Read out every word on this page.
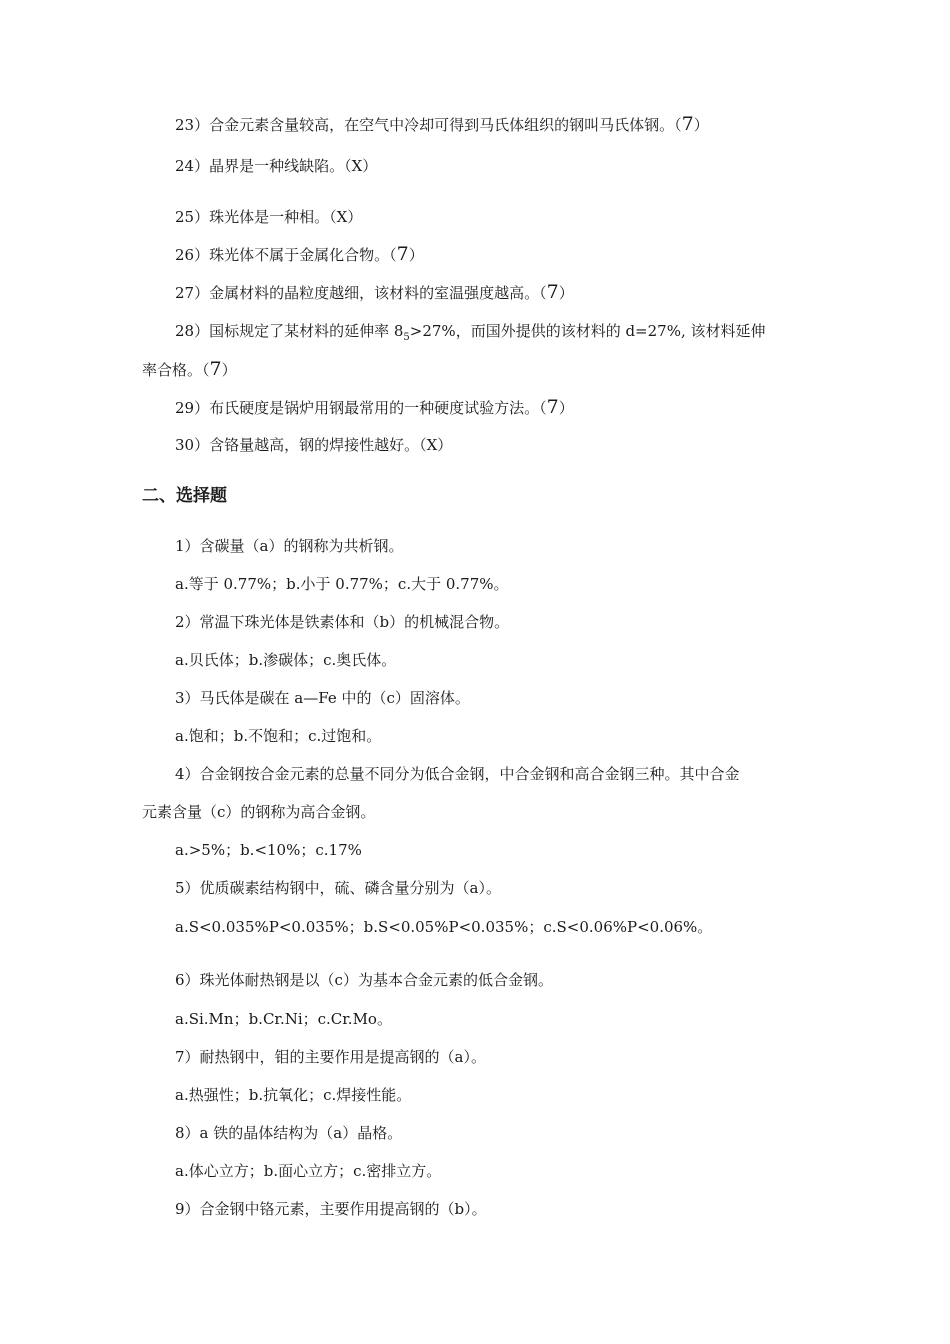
23）合金元素含量较高，在空气中冷却可得到马氏体组织的钢叫马氏体钢。（7）
24）晶界是一种线缺陷。（X）
25）珠光体是一种相。（X）
26）珠光体不属于金属化合物。（7）
27）金属材料的晶粒度越细，该材料的室温强度越高。（7）
28）国标规定了某材料的延伸率 $8_5>27\%$，而国外提供的该材料的 d=27%, 该材料延伸
率合格。（7）
29）布氏硬度是锅炉用钢最常用的一种硬度试验方法。（7）
30）含铬量越高，钢的焊接性越好。（X）
二、选择题
1）含碳量（a）的钢称为共析钢。
a.等于 0.77%；b.小于 0.77%；c.大于 0.77%。
2）常温下珠光体是铁素体和（b）的机械混合物。
a.贝氏体；b.渗碳体；c.奥氏体。
3）马氏体是碳在 a—Fe 中的（c）固溶体。
a.饱和；b.不饱和；c.过饱和。
4）合金钢按合金元素的总量不同分为低合金钢，中合金钢和高合金钢三种。其中合金
元素含量（c）的钢称为高合金钢。
a.>5%；b.<10%；c.17%
5）优质碳素结构钢中，硫、磷含量分别为（a）。
a.S<0.035%P<0.035%；b.S<0.05%P<0.035%；c.S<0.06%P<0.06%。
6）珠光体耐热钢是以（c）为基本合金元素的低合金钢。
a.Si.Mn；b.Cr.Ni；c.Cr.Mo。
7）耐热钢中，钼的主要作用是提高钢的（a）。
a.热强性；b.抗氧化；c.焊接性能。
8）a 铁的晶体结构为（a）晶格。
a.体心立方；b.面心立方；c.密排立方。
9）合金钢中铬元素，主要作用提高钢的（b）。
